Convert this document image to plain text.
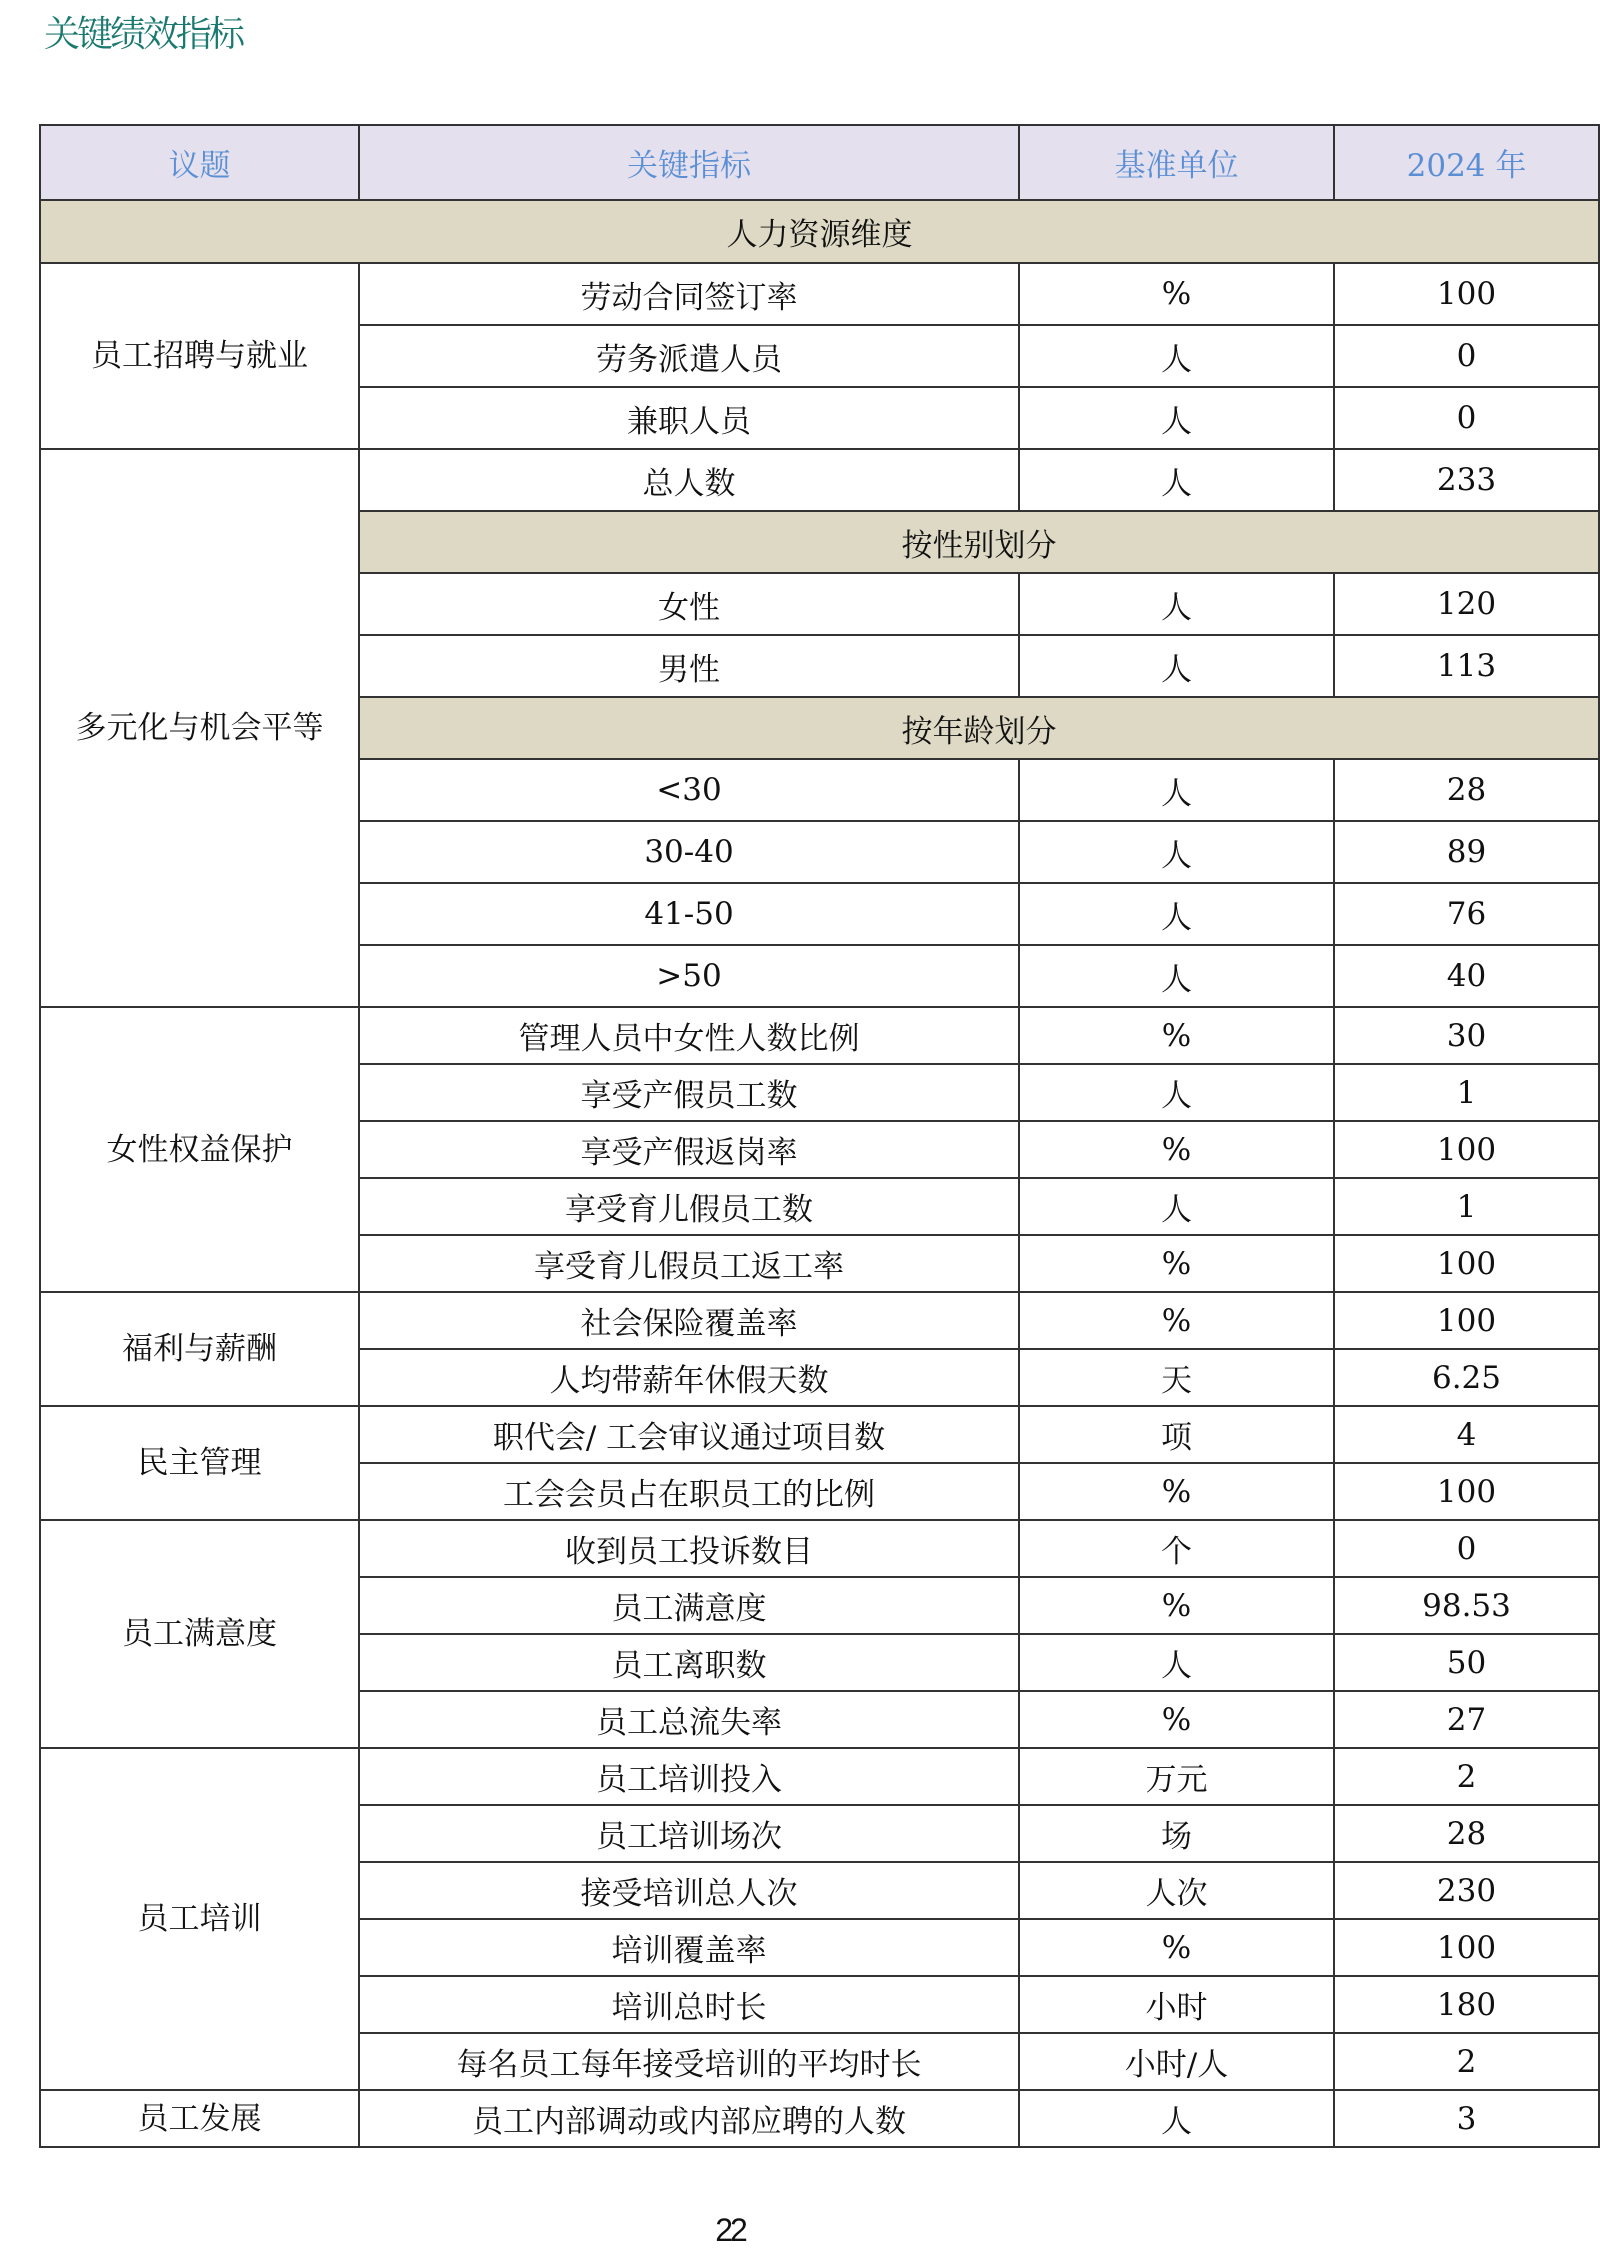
关键绩效指标
议题	关键指标	基准单位	2024 年
人力资源维度			
员工招聘与就业	劳动合同签订率	%	100
	劳务派遣人员	人	0
	兼职人员	人	0
多元化与机会平等	总人数	人	233
	按性别划分		
	女性	人	120
	男性	人	113
	按年龄划分		
	<30	人	28
	30-40	人	89
	41-50	人	76
	>50	人	40
女性权益保护	管理人员中女性人数比例	%	30
	享受产假员工数	人	1
	享受产假返岗率	%	100
	享受育儿假员工数	人	1
	享受育儿假员工返工率	%	100
福利与薪酬	社会保险覆盖率	%	100
	人均带薪年休假天数	天	6.25
民主管理	职代会/ 工会审议通过项目数	项	4
	工会会员占在职员工的比例	%	100
员工满意度	收到员工投诉数目	个	0
	员工满意度	%	98.53
	员工离职数	人	50
	员工总流失率	%	27
员工培训	员工培训投入	万元	2
	员工培训场次	场	28
	接受培训总人次	人次	230
	培训覆盖率	%	100
	培训总时长	小时	180
	每名员工每年接受培训的平均时长	小时/人	2
员工发展	员工内部调动或内部应聘的人数	人	3
22
